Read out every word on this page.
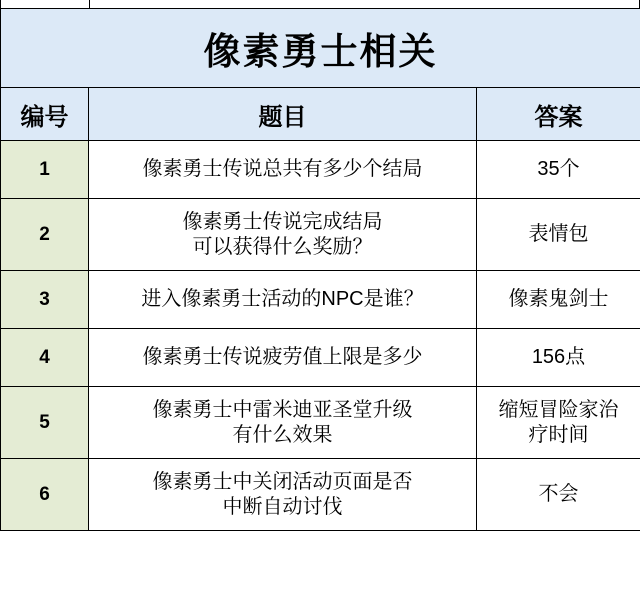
像素勇士相关		
编号	题目	答案
1	像素勇士传说总共有多少个结局	35个

2	像素勇士传说完成结局
可以获得什么奖励？	表情包

3	进入像素勇士活动的NPC是谁？	像素鬼剑士

4	像素勇士传说疲劳值上限是多少	156点

5	像素勇士中雷米迪亚圣堂升级
有什么效果	缩短冒险家治
疗时间

6	像素勇士中关闭活动页面是否
中断自动讨伐	不会
